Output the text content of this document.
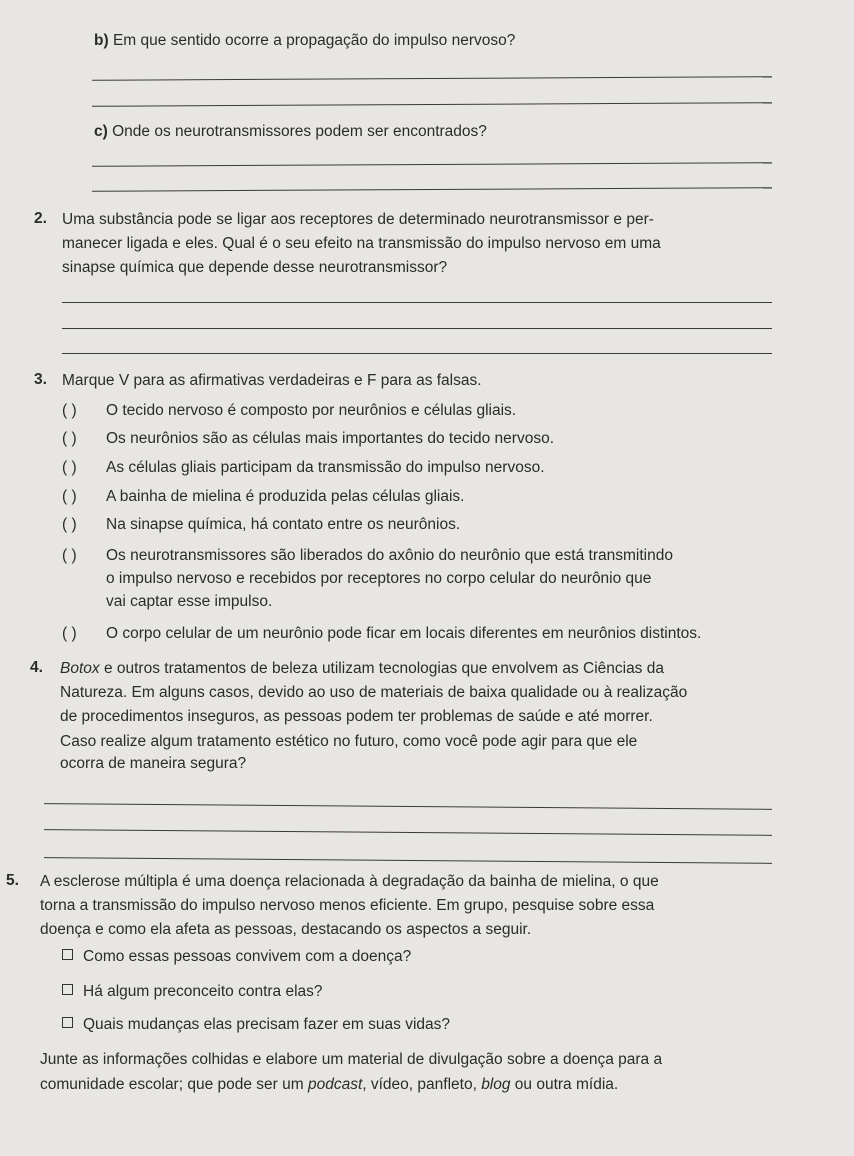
b) Em que sentido ocorre a propagação do impulso nervoso?
c) Onde os neurotransmissores podem ser encontrados?
2. Uma substância pode se ligar aos receptores de determinado neurotransmissor e per-
manecer ligada e eles. Qual é o seu efeito na transmissão do impulso nervoso em uma
sinapse química que depende desse neurotransmissor?
3. Marque V para as afirmativas verdadeiras e F para as falsas.
( ) O tecido nervoso é composto por neurônios e células gliais.
( ) Os neurônios são as células mais importantes do tecido nervoso.
( ) As células gliais participam da transmissão do impulso nervoso.
( ) A bainha de mielina é produzida pelas células gliais.
( ) Na sinapse química, há contato entre os neurônios.
( ) Os neurotransmissores são liberados do axônio do neurônio que está transmitindo
o impulso nervoso e recebidos por receptores no corpo celular do neurônio que
vai captar esse impulso.
( ) O corpo celular de um neurônio pode ficar em locais diferentes em neurônios distintos.
4. Botox e outros tratamentos de beleza utilizam tecnologias que envolvem as Ciências da
Natureza. Em alguns casos, devido ao uso de materiais de baixa qualidade ou à realização
de procedimentos inseguros, as pessoas podem ter problemas de saúde e até morrer.
Caso realize algum tratamento estético no futuro, como você pode agir para que ele
ocorra de maneira segura?
5. A esclerose múltipla é uma doença relacionada à degradação da bainha de mielina, o que
torna a transmissão do impulso nervoso menos eficiente. Em grupo, pesquise sobre essa
doença e como ela afeta as pessoas, destacando os aspectos a seguir.
Como essas pessoas convivem com a doença?
Há algum preconceito contra elas?
Quais mudanças elas precisam fazer em suas vidas?
Junte as informações colhidas e elabore um material de divulgação sobre a doença para a
comunidade escolar; que pode ser um podcast, vídeo, panfleto, blog ou outra mídia.
